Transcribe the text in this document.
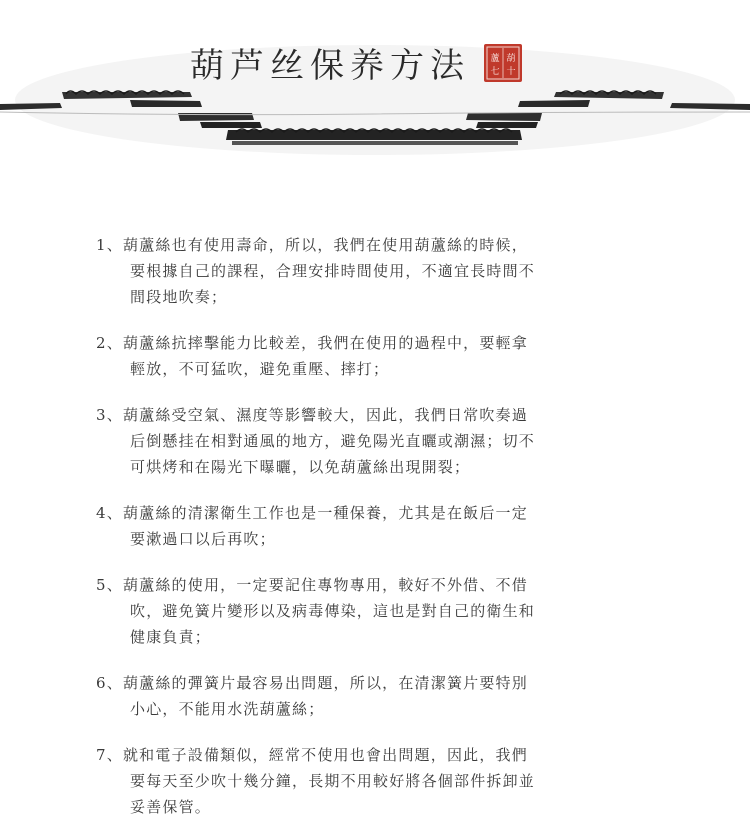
葫芦丝保养方法 蘆 葫
七 十
1、葫蘆絲也有使用壽命，所以，我們在使用葫蘆絲的時候，
要根據自己的課程，合理安排時間使用，不適宜長時間不
間段地吹奏；
2、葫蘆絲抗摔擊能力比較差，我們在使用的過程中，要輕拿
輕放，不可猛吹，避免重壓、摔打；
3、葫蘆絲受空氣、濕度等影響較大，因此，我們日常吹奏過
后倒懸挂在相對通風的地方，避免陽光直曬或潮濕；切不
可烘烤和在陽光下曝曬，以免葫蘆絲出現開裂；
4、葫蘆絲的清潔衛生工作也是一種保養，尤其是在飯后一定
要漱過口以后再吹；
5、葫蘆絲的使用，一定要記住專物專用，較好不外借、不借
吹，避免簧片變形以及病毒傳染，這也是對自己的衛生和
健康負責；
6、葫蘆絲的彈簧片最容易出問題，所以，在清潔簧片要特別
小心，不能用水洗葫蘆絲；
7、就和電子設備類似，經常不使用也會出問題，因此，我們
要每天至少吹十幾分鐘，長期不用較好將各個部件拆卸並
妥善保管。
